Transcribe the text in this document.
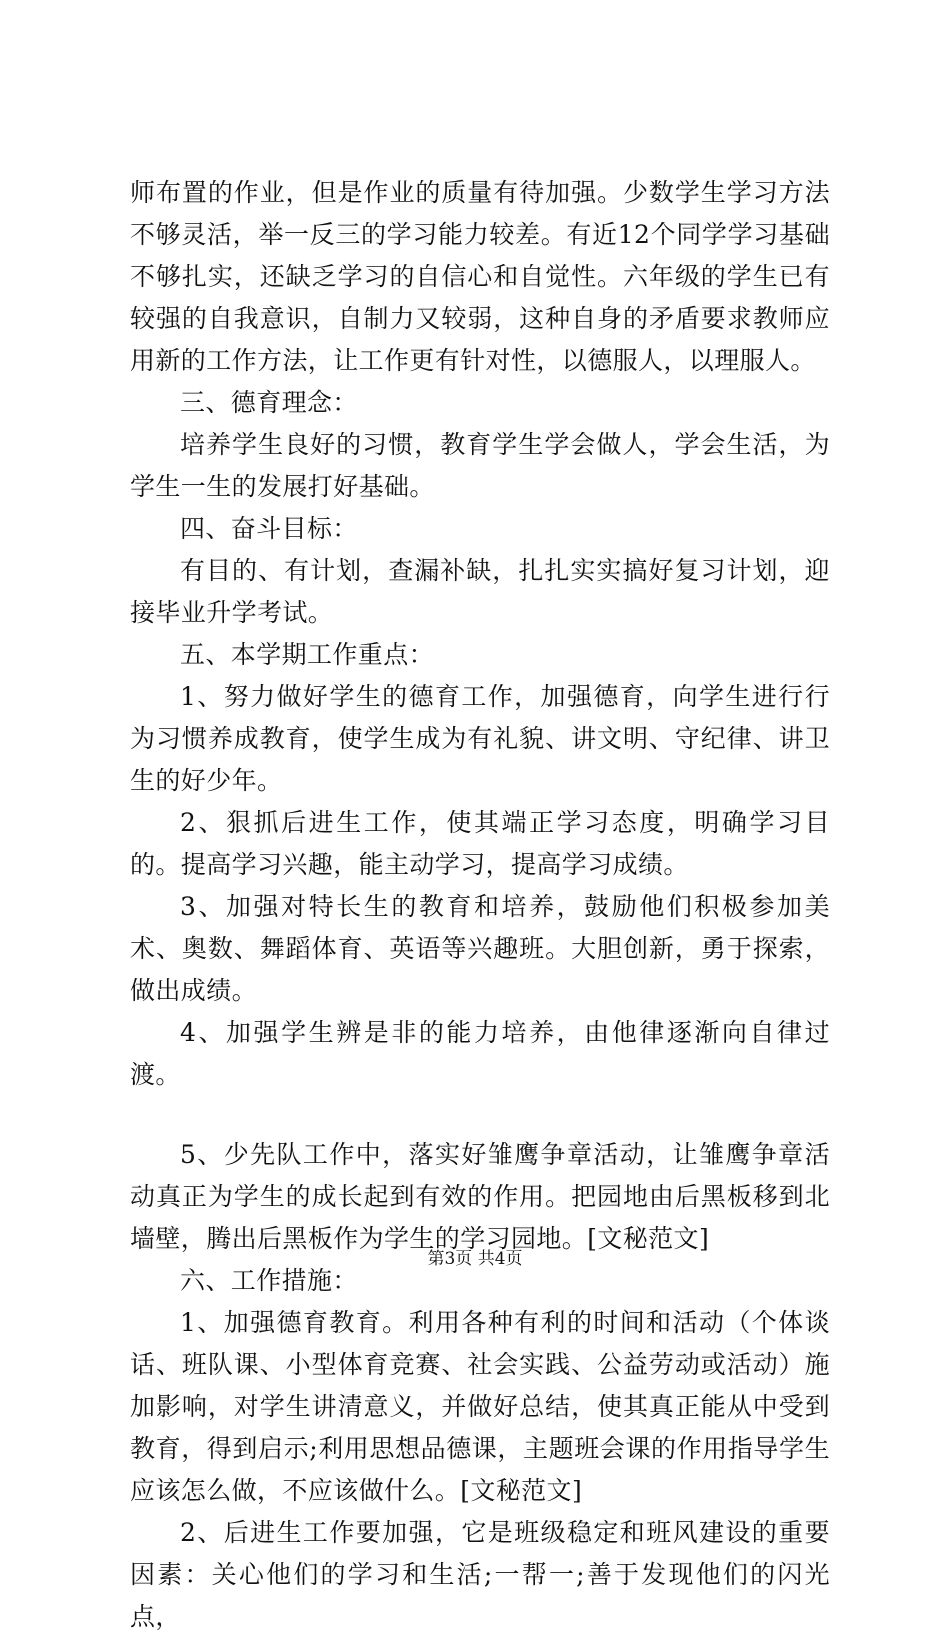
师布置的作业，但是作业的质量有待加强。少数学生学习方法不够灵活，举一反三的学习能力较差。有近12个同学学习基础不够扎实，还缺乏学习的自信心和自觉性。六年级的学生已有较强的自我意识，自制力又较弱，这种自身的矛盾要求教师应用新的工作方法，让工作更有针对性，以德服人，以理服人。

三、德育理念：

培养学生良好的习惯，教育学生学会做人，学会生活，为学生一生的发展打好基础。

四、奋斗目标：

有目的、有计划，查漏补缺，扎扎实实搞好复习计划，迎接毕业升学考试。

五、本学期工作重点：

1、努力做好学生的德育工作，加强德育，向学生进行行为习惯养成教育，使学生成为有礼貌、讲文明、守纪律、讲卫生的好少年。

2、狠抓后进生工作，使其端正学习态度，明确学习目的。提高学习兴趣，能主动学习，提高学习成绩。

3、加强对特长生的教育和培养，鼓励他们积极参加美术、奥数、舞蹈体育、英语等兴趣班。大胆创新，勇于探索，做出成绩。

4、加强学生辨是非的能力培养，由他律逐渐向自律过渡。

5、少先队工作中，落实好雏鹰争章活动，让雏鹰争章活动真正为学生的成长起到有效的作用。把园地由后黑板移到北墙壁，腾出后黑板作为学生的学习园地。[文秘范文]

六、工作措施：

1、加强德育教育。利用各种有利的时间和活动（个体谈话、班队课、小型体育竞赛、社会实践、公益劳动或活动）施加影响，对学生讲清意义，并做好总结，使其真正能从中受到教育，得到启示;利用思想品德课，主题班会课的作用指导学生应该怎么做，不应该做什么。[文秘范文]

2、后进生工作要加强，它是班级稳定和班风建设的重要因素：关心他们的学习和生活;一帮一;善于发现他们的闪光点，

第3页 共4页
